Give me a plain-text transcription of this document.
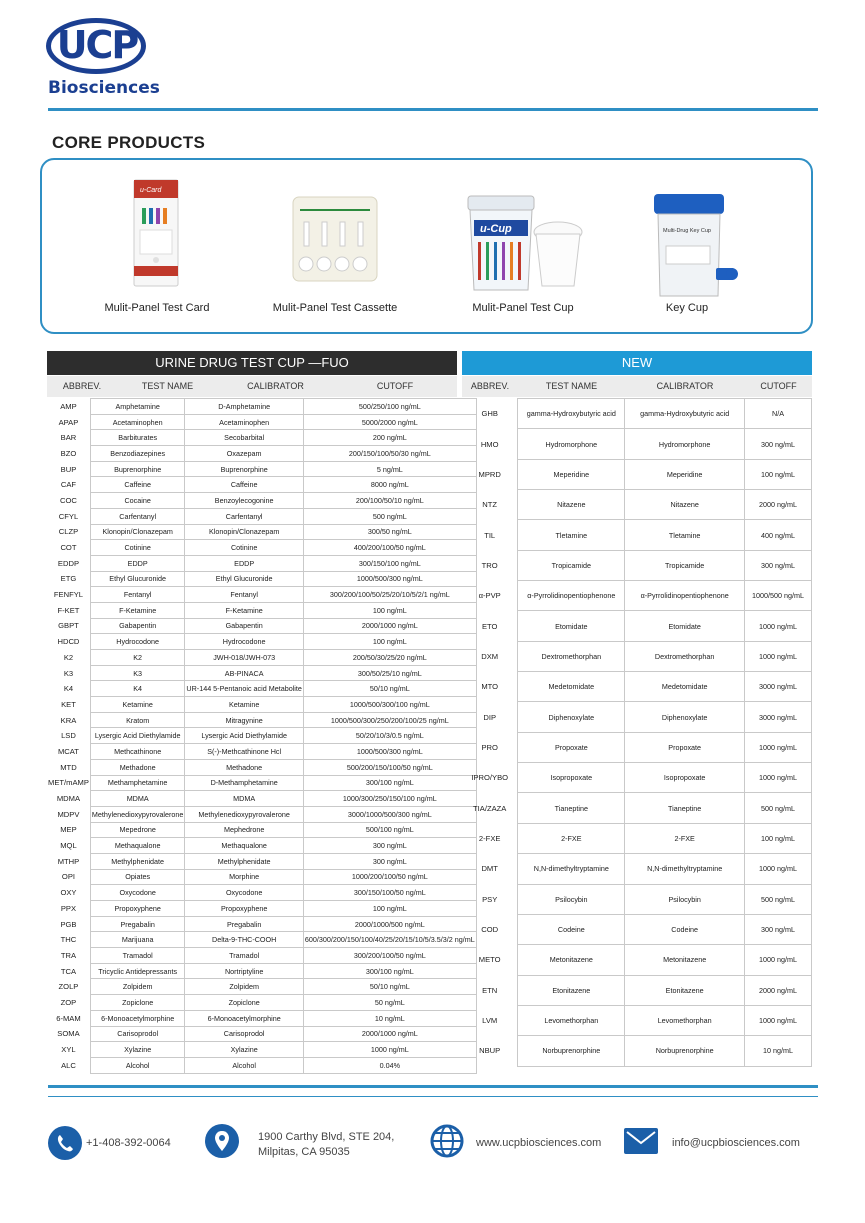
UCP
Biosciences
CORE PRODUCTS
u-Card
Mulit-Panel Test Card	Mulit-Panel Test Cassette
u-Cup
Mulit-Panel Test Cup
Multi-Drug Key Cup
Key Cup
URINE DRUG TEST CUP —FUO
ABBREV.	TEST NAME	CALIBRATOR	CUTOFF
AMP	Amphetamine	D-Amphetamine	500/250/100 ng/mL
APAP	Acetaminophen	Acetaminophen	5000/2000 ng/mL
BAR	Barbiturates	Secobarbital	200 ng/mL
BZO	Benzodiazepines	Oxazepam	200/150/100/50/30 ng/mL
BUP	Buprenorphine	Buprenorphine	5 ng/mL
CAF	Caffeine	Caffeine	8000 ng/mL
COC	Cocaine	Benzoylecogonine	200/100/50/10 ng/mL
CFYL	Carfentanyl	Carfentanyl	500 ng/mL
CLZP	Klonopin/Clonazepam	Klonopin/Clonazepam	300/50 ng/mL
COT	Cotinine	Cotinine	400/200/100/50 ng/mL
EDDP	EDDP	EDDP	300/150/100 ng/mL
ETG	Ethyl Glucuronide	Ethyl Glucuronide	1000/500/300 ng/mL
FENFYL	Fentanyl	Fentanyl	300/200/100/50/25/20/10/5/2/1 ng/mL
F-KET	F-Ketamine	F-Ketamine	100 ng/mL
GBPT	Gabapentin	Gabapentin	2000/1000 ng/mL
HDCD	Hydrocodone	Hydrocodone	100 ng/mL
K2	K2	JWH-018/JWH-073	200/50/30/25/20 ng/mL
K3	K3	AB-PINACA	300/50/25/10 ng/mL
K4	K4	UR-144 5-Pentanoic acid Metabolite	50/10 ng/mL
KET	Ketamine	Ketamine	1000/500/300/100 ng/mL
KRA	Kratom	Mitragynine	1000/500/300/250/200/100/25 ng/mL
LSD	Lysergic Acid Diethylamide	Lysergic Acid Diethylamide	50/20/10/3/0.5 ng/mL
MCAT	Methcathinone	S(-)-Methcathinone Hcl	1000/500/300 ng/mL
MTD	Methadone	Methadone	500/200/150/100/50 ng/mL
MET/mAMP	Methamphetamine	D-Methamphetamine	300/100 ng/mL
MDMA	MDMA	MDMA	1000/300/250/150/100 ng/mL
MDPV	Methylenedioxypyrovalerone	Methylenedioxypyrovalerone	3000/1000/500/300 ng/mL
MEP	Mepedrone	Mephedrone	500/100 ng/mL
MQL	Methaqualone	Methaqualone	300 ng/mL
MTHP	Methylphenidate	Methylphenidate	300 ng/mL
OPI	Opiates	Morphine	1000/200/100/50 ng/mL
OXY	Oxycodone	Oxycodone	300/150/100/50 ng/mL
PPX	Propoxyphene	Propoxyphene	100 ng/mL
PGB	Pregabalin	Pregabalin	2000/1000/500 ng/mL
THC	Marijuana	Delta-9-THC-COOH	600/300/200/150/100/40/25/20/15/10/5/3.5/3/2 ng/mL
TRA	Tramadol	Tramadol	300/200/100/50 ng/mL
TCA	Tricyclic Antidepressants	Nortriptyline	300/100 ng/mL
ZOLP	Zolpidem	Zolpidem	50/10 ng/mL
ZOP	Zopiclone	Zopiclone	50 ng/mL
6-MAM	6-Monoacetylmorphine	6-Monoacetylmorphine	10 ng/mL
SOMA	Carisoprodol	Carisoprodol	2000/1000 ng/mL
XYL	Xylazine	Xylazine	1000 ng/mL
ALC	Alcohol	Alcohol	0.04%
NEW
ABBREV.	TEST NAME	CALIBRATOR	CUTOFF
GHB	gamma-Hydroxybutyric acid	gamma-Hydroxybutyric acid	N/A
HMO	Hydromorphone	Hydromorphone	300 ng/mL
MPRD	Meperidine	Meperidine	100 ng/mL
NTZ	Nitazene	Nitazene	2000 ng/mL
TIL	Tletamine	Tletamine	400 ng/mL
TRO	Tropicamide	Tropicamide	300 ng/mL
α-PVP	α-Pyrrolidinopentiophenone	α-Pyrrolidinopentiophenone	1000/500 ng/mL
ETO	Etomidate	Etomidate	1000 ng/mL
DXM	Dextromethorphan	Dextromethorphan	1000 ng/mL
MTO	Medetomidate	Medetomidate	3000 ng/mL
DIP	Diphenoxylate	Diphenoxylate	3000 ng/mL
PRO	Propoxate	Propoxate	1000 ng/mL
IPRO/YBO	Isopropoxate	Isopropoxate	1000 ng/mL
TIA/ZAZA	Tianeptine	Tianeptine	500 ng/mL
2-FXE	2-FXE	2-FXE	100 ng/mL
DMT	N,N-dimethyltryptamine	N,N-dimethyltryptamine	1000 ng/mL
PSY	Psilocybin	Psilocybin	500 ng/mL
COD	Codeine	Codeine	300 ng/mL
METO	Metonitazene	Metonitazene	1000 ng/mL
ETN	Etonitazene	Etonitazene	2000 ng/mL
LVM	Levomethorphan	Levomethorphan	1000 ng/mL
NBUP	Norbuprenorphine	Norbuprenorphine	10 ng/mL
+1-408-392-0064	1900 Carthy Blvd, STE 204,
Milpitas, CA 95035
www.ucpbiosciences.com	info@ucpbiosciences.com
